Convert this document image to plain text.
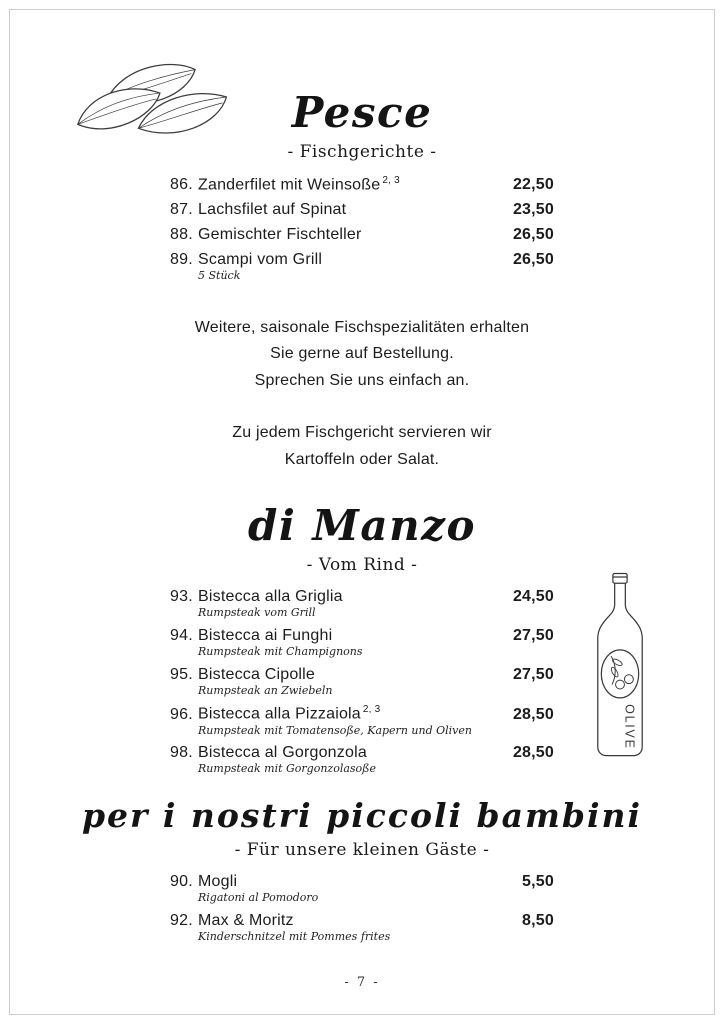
OLIVE
Pesce
- Fischgerichte -
86. Zanderfilet mit Weinsoße $^{2, 3}$	22,50
87. Lachsfilet auf Spinat	23,50
88. Gemischter Fischteller	26,50
89. Scampi vom Grill	26,50
5 Stück
Weitere, saisonale Fischspezialitäten erhalten
Sie gerne auf Bestellung.
Sprechen Sie uns einfach an.
Zu jedem Fischgericht servieren wir
Kartoffeln oder Salat.
di Manzo
- Vom Rind -
93. Bistecca alla Griglia	24,50
Rumpsteak vom Grill
94. Bistecca ai Funghi	27,50
Rumpsteak mit Champignons
95. Bistecca Cipolle	27,50
Rumpsteak an Zwiebeln
96. Bistecca alla Pizzaiola $^{2, 3}$	28,50
Rumpsteak mit Tomatensoße, Kapern und Oliven
98. Bistecca al Gorgonzola	28,50
Rumpsteak mit Gorgonzolasoße
per i nostri piccoli bambini
- Für unsere kleinen Gäste -
90. Mogli	5,50
Rigatoni al Pomodoro
92. Max & Moritz	8,50
Kinderschnitzel mit Pommes frites
- 7 -
